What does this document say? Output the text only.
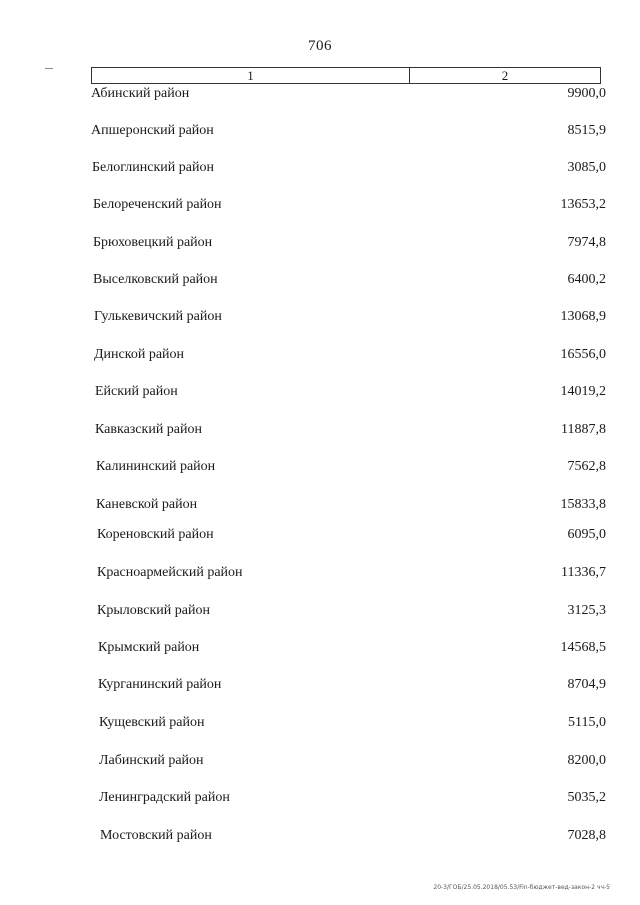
706
1	2
Абинский район	9900,0
Апшеронский район	8515,9
Белоглинский район	3085,0
Белореченский район	13653,2
Брюховецкий район	7974,8
Выселковский район	6400,2
Гулькевичский район	13068,9
Динской район	16556,0
Ейский район	14019,2
Кавказский район	11887,8
Калининский район	7562,8
Каневской район	15833,8
Кореновский район	6095,0
Красноармейский район	11336,7
Крыловский район	3125,3
Крымский район	14568,5
Курганинский район	8704,9
Кущевский район	5115,0
Лабинский район	8200,0
Ленинградский район	5035,2
Мостовский район	7028,8
20-3/ГОБ/25.05.2018/05.53/Fin-бюджет-вед-закон-2 чч-5
